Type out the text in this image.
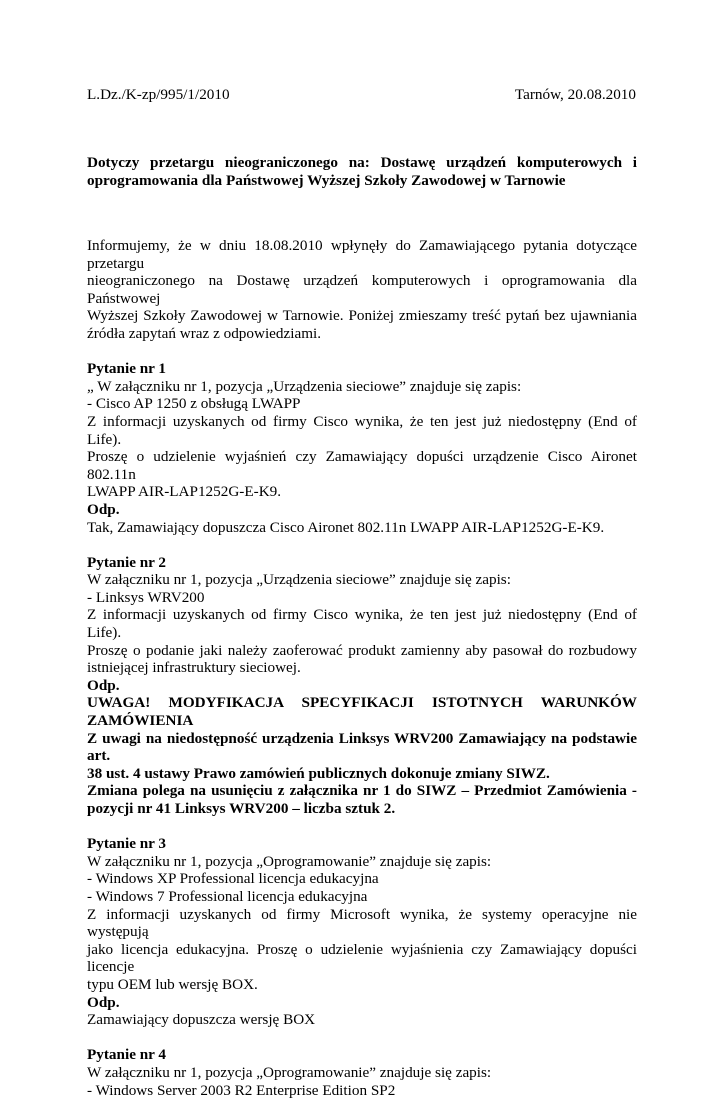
L.Dz./K-zp/995/1/2010	Tarnów, 20.08.2010
Dotyczy przetargu nieograniczonego na: Dostawę urządzeń komputerowych i
oprogramowania dla Państwowej Wyższej Szkoły Zawodowej w Tarnowie
Informujemy, że w dniu 18.08.2010 wpłynęły do Zamawiającego pytania dotyczące przetargu
nieograniczonego na Dostawę urządzeń komputerowych i oprogramowania dla Państwowej
Wyższej Szkoły Zawodowej w Tarnowie. Poniżej zmieszamy treść pytań bez ujawniania
źródła zapytań wraz z odpowiedziami.
Pytanie nr 1
„ W załączniku nr 1, pozycja „Urządzenia sieciowe” znajduje się zapis:
- Cisco AP 1250 z obsługą LWAPP
Z informacji uzyskanych od firmy Cisco wynika, że ten jest już niedostępny (End of Life).
Proszę o udzielenie wyjaśnień czy Zamawiający dopuści urządzenie Cisco Aironet 802.11n
LWAPP AIR-LAP1252G-E-K9.
Odp.
Tak, Zamawiający dopuszcza Cisco Aironet 802.11n LWAPP AIR-LAP1252G-E-K9.
Pytanie nr 2
W załączniku nr 1, pozycja „Urządzenia sieciowe” znajduje się zapis:
- Linksys WRV200
Z informacji uzyskanych od firmy Cisco wynika, że ten jest już niedostępny (End of Life).
Proszę o podanie jaki należy zaoferować produkt zamienny aby pasował do rozbudowy
istniejącej infrastruktury sieciowej.
Odp.
UWAGA! MODYFIKACJA SPECYFIKACJI ISTOTNYCH WARUNKÓW
ZAMÓWIENIA
Z uwagi na niedostępność urządzenia Linksys WRV200 Zamawiający na podstawie art.
38 ust. 4 ustawy Prawo zamówień publicznych dokonuje zmiany SIWZ.
Zmiana polega na usunięciu z załącznika nr 1 do SIWZ – Przedmiot Zamówienia -
pozycji nr 41 Linksys WRV200 – liczba sztuk 2.
Pytanie nr 3
W załączniku nr 1, pozycja „Oprogramowanie” znajduje się zapis:
- Windows XP Professional licencja edukacyjna
- Windows 7 Professional licencja edukacyjna
Z informacji uzyskanych od firmy Microsoft wynika, że systemy operacyjne nie występują
jako licencja edukacyjna. Proszę o udzielenie wyjaśnienia czy Zamawiający dopuści licencje
typu OEM lub wersję BOX.
Odp.
Zamawiający dopuszcza wersję BOX
Pytanie nr 4
W załączniku nr 1, pozycja „Oprogramowanie” znajduje się zapis:
- Windows Server 2003 R2 Enterprise Edition SP2
